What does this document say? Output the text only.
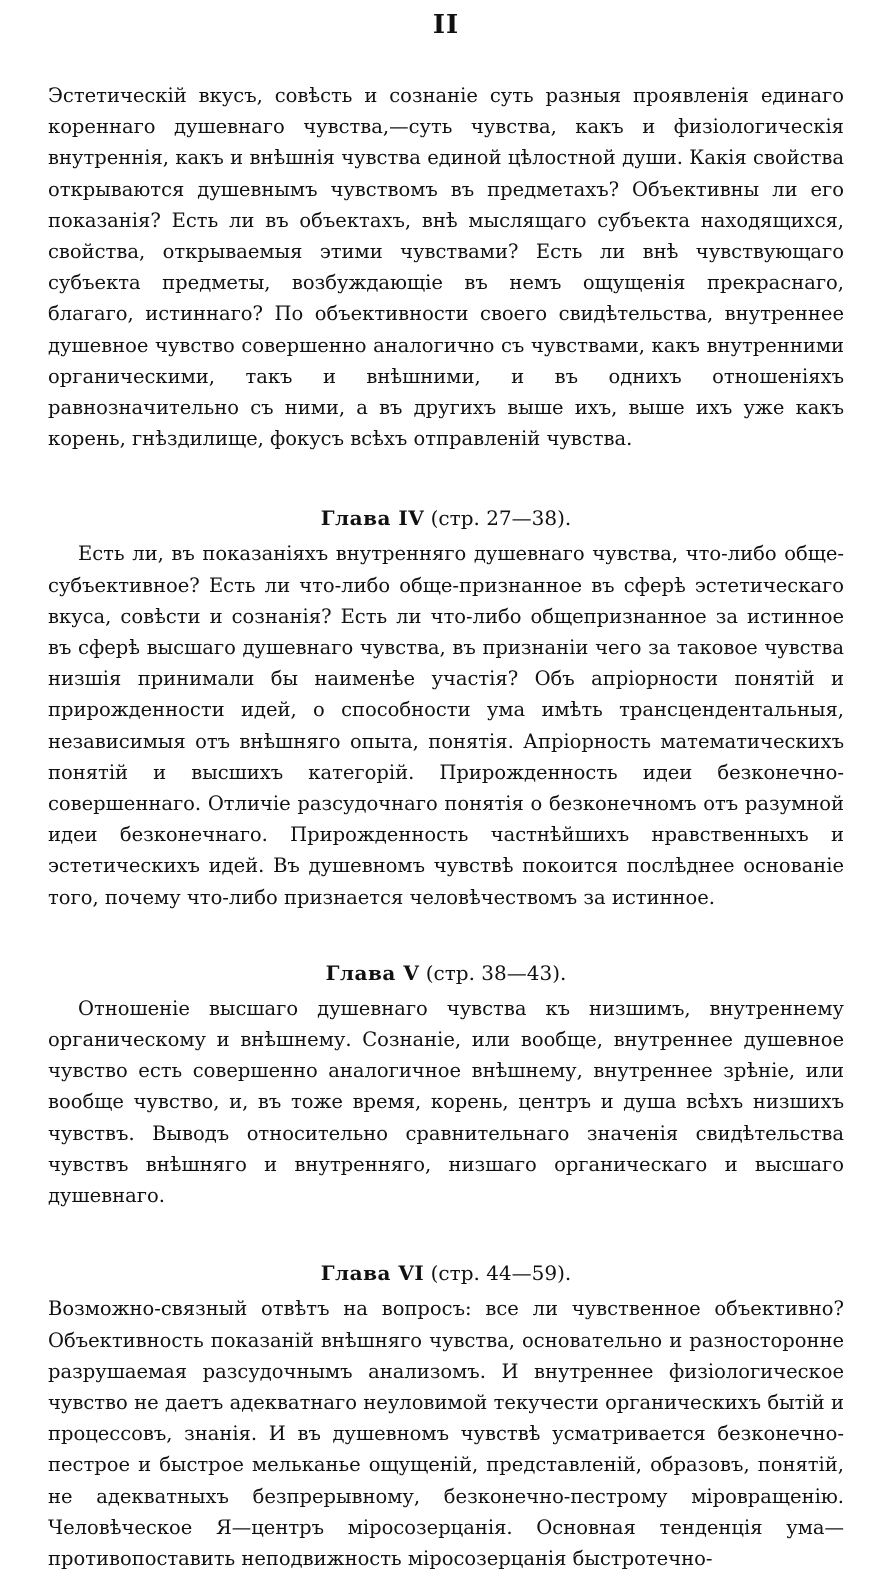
II

Эстетическій вкусъ, совѣсть и сознаніе суть разныя проявленія единаго кореннаго душевнаго чувства,—суть чувства, какъ и физіологическія внутреннія, какъ и внѣшнія чувства единой цѣлостной души. Какія свойства открываются душевнымъ чувствомъ въ предметахъ? Объективны ли его показанія? Есть ли въ объектахъ, внѣ мыслящаго субъекта находящихся, свойства, открываемыя этими чувствами? Есть ли внѣ чувствующаго субъекта предметы, возбуждающіе въ немъ ощущенія прекраснаго, благаго, истиннаго? По объективности своего свидѣтельства, внутреннее душевное чувство совершенно аналогично съ чувствами, какъ внутренними органическими, такъ и внѣшними, и въ однихъ отношеніяхъ равнозначительно съ ними, а въ другихъ выше ихъ, выше ихъ уже какъ корень, гнѣздилище, фокусъ всѣхъ отправленій чувства.

Глава IV (стр. 27—38).

Есть ли, въ показаніяхъ внутренняго душевнаго чувства, что-либо обще-субъективное? Есть ли что-либо обще-признанное въ сферѣ эстетическаго вкуса, совѣсти и сознанія? Есть ли что-либо общепризнанное за истинное въ сферѣ высшаго душевнаго чувства, въ признаніи чего за таковое чувства низшія принимали бы наименѣе участія? Объ апріорности понятій и прирожденности идей, о способности ума имѣть трансцендентальныя, независимыя отъ внѣшняго опыта, понятія. Апріорность математическихъ понятій и высшихъ категорій. Прирожденность идеи безконечно-совершеннаго. Отличіе разсудочнаго понятія о безконечномъ отъ разумной идеи безконечнаго. Прирожденность частнѣйшихъ нравственныхъ и эстетическихъ идей. Въ душевномъ чувствѣ покоится послѣднее основаніе того, почему что-либо признается человѣчествомъ за истинное.

Глава V (стр. 38—43).

Отношеніе высшаго душевнаго чувства къ низшимъ, внутреннему органическому и внѣшнему. Сознаніе, или вообще, внутреннее душевное чувство есть совершенно аналогичное внѣшнему, внутреннее зрѣніе, или вообще чувство, и, въ тоже время, корень, центръ и душа всѣхъ низшихъ чувствъ. Выводъ относительно сравнительнаго значенія свидѣтельства чувствъ внѣшняго и внутренняго, низшаго органическаго и высшаго душевнаго.

Глава VI (стр. 44—59).

Возможно-связный отвѣтъ на вопросъ: все ли чувственное объективно? Объективность показаній внѣшняго чувства, основательно и разносторонне разрушаемая разсудочнымъ анализомъ. И внутреннее физіологическое чувство не даетъ адекватнаго неуловимой текучести органическихъ бытій и процессовъ, знанія. И въ душевномъ чувствѣ усматривается безконечно-пестрое и быстрое мельканье ощущеній, представленій, образовъ, понятій, не адекватныхъ безпрерывному, безконечно-пестрому міровращенію. Человѣческое Я—центръ міросозерцанія. Основная тенденція ума—противопоставить неподвижность міросозерцанія быстротечно-
